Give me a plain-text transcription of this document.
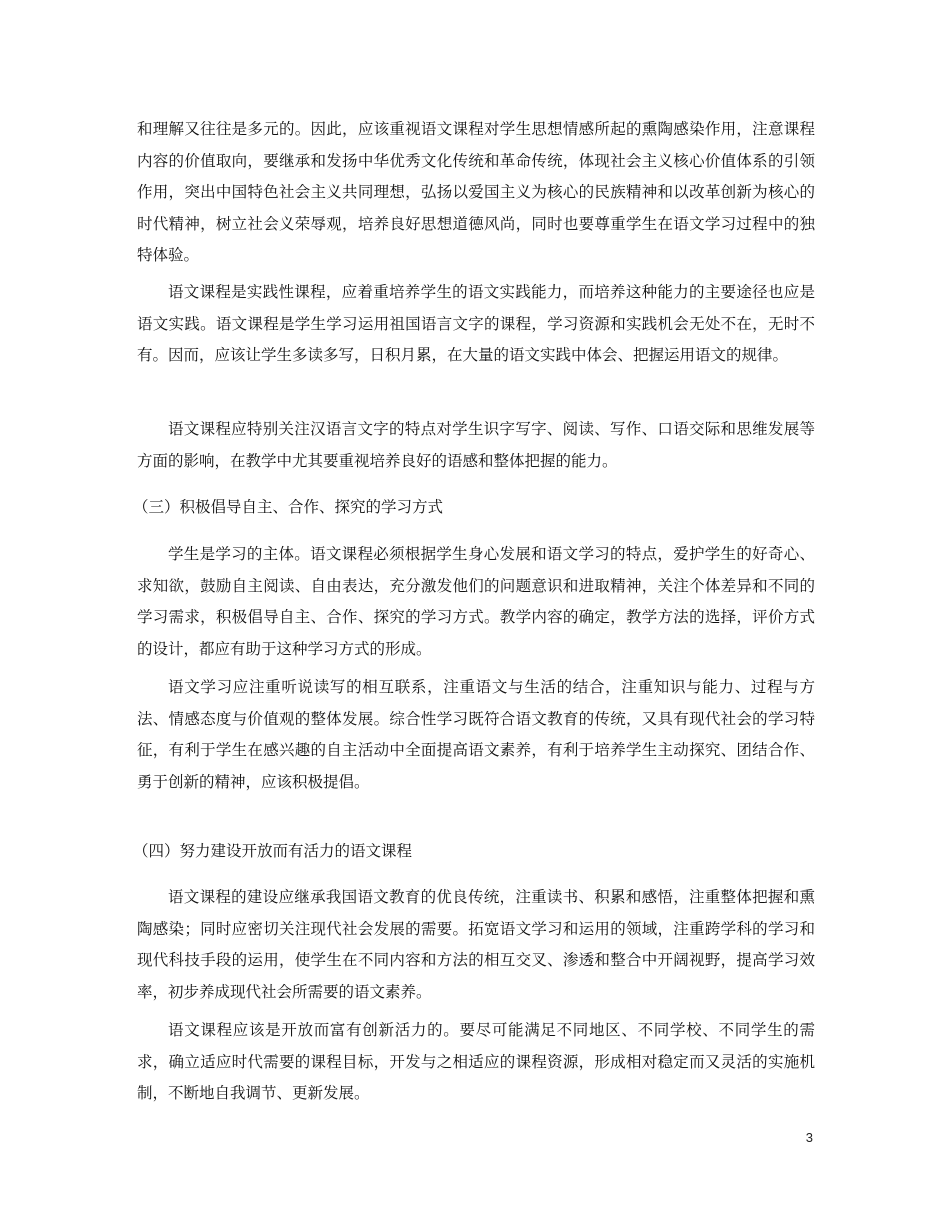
和理解又往往是多元的。因此，应该重视语文课程对学生思想情感所起的熏陶感染作用，注意课程内容的价值取向，要继承和发扬中华优秀文化传统和革命传统，体现社会主义核心价值体系的引领作用，突出中国特色社会主义共同理想，弘扬以爱国主义为核心的民族精神和以改革创新为核心的时代精神，树立社会义荣辱观，培养良好思想道德风尚，同时也要尊重学生在语文学习过程中的独特体验。

语文课程是实践性课程，应着重培养学生的语文实践能力，而培养这种能力的主要途径也应是语文实践。语文课程是学生学习运用祖国语言文字的课程，学习资源和实践机会无处不在，无时不有。因而，应该让学生多读多写，日积月累，在大量的语文实践中体会、把握运用语文的规律。

语文课程应特别关注汉语言文字的特点对学生识字写字、阅读、写作、口语交际和思维发展等方面的影响，在教学中尤其要重视培养良好的语感和整体把握的能力。

（三）积极倡导自主、合作、探究的学习方式

学生是学习的主体。语文课程必须根据学生身心发展和语文学习的特点，爱护学生的好奇心、求知欲，鼓励自主阅读、自由表达，充分激发他们的问题意识和进取精神，关注个体差异和不同的学习需求，积极倡导自主、合作、探究的学习方式。教学内容的确定，教学方法的选择，评价方式的设计，都应有助于这种学习方式的形成。

语文学习应注重听说读写的相互联系，注重语文与生活的结合，注重知识与能力、过程与方法、情感态度与价值观的整体发展。综合性学习既符合语文教育的传统，又具有现代社会的学习特征，有利于学生在感兴趣的自主活动中全面提高语文素养，有利于培养学生主动探究、团结合作、勇于创新的精神，应该积极提倡。

（四）努力建设开放而有活力的语文课程

语文课程的建设应继承我国语文教育的优良传统，注重读书、积累和感悟，注重整体把握和熏陶感染；同时应密切关注现代社会发展的需要。拓宽语文学习和运用的领域，注重跨学科的学习和现代科技手段的运用，使学生在不同内容和方法的相互交叉、渗透和整合中开阔视野，提高学习效率，初步养成现代社会所需要的语文素养。

语文课程应该是开放而富有创新活力的。要尽可能满足不同地区、不同学校、不同学生的需求，确立适应时代需要的课程目标，开发与之相适应的课程资源，形成相对稳定而又灵活的实施机制，不断地自我调节、更新发展。

3
